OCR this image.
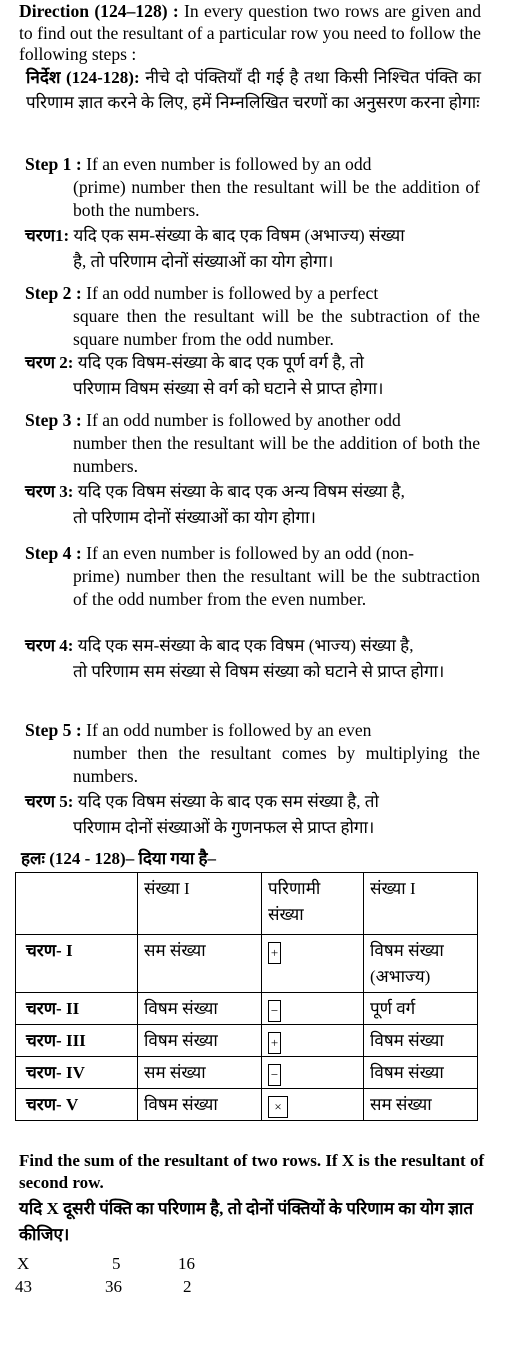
Direction (124–128) : In every question two rows are given and to find out the resultant of a particular row you need to follow the following steps :
निर्देश (124-128): नीचे दो पंक्तियाँ दी गई है तथा किसी निश्चित पंक्ति का परिणाम ज्ञात करने के लिए, हमें निम्नलिखित चरणों का अनुसरण करना होगाः
Step 1 : If an even number is followed by an odd
(prime) number then the resultant will be the addition of both the numbers.
चरण1: यदि एक सम-संख्या के बाद एक विषम (अभाज्य) संख्या
है, तो परिणाम दोनों संख्याओं का योग होगा।
Step 2 : If an odd number is followed by a perfect
square then the resultant will be the subtraction of the square number from the odd number.
चरण 2: यदि एक विषम-संख्या के बाद एक पूर्ण वर्ग है, तो
परिणाम विषम संख्या से वर्ग को घटाने से प्राप्त होगा।
Step 3 : If an odd number is followed by another odd
number then the resultant will be the addition of both the numbers.
चरण 3: यदि एक विषम संख्या के बाद एक अन्य विषम संख्या है,
तो परिणाम दोनों संख्याओं का योग होगा।
Step 4 : If an even number is followed by an odd (non-
prime) number then the resultant will be the subtraction of the odd number from the even number.
चरण 4: यदि एक सम-संख्या के बाद एक विषम (भाज्य) संख्या है,
तो परिणाम सम संख्या से विषम संख्या को घटाने से प्राप्त होगा।
Step 5 : If an odd number is followed by an even
number then the resultant comes by multiplying the numbers.
चरण 5: यदि एक विषम संख्या के बाद एक सम संख्या है, तो
परिणाम दोनों संख्याओं के गुणनफल से प्राप्त होगा।
हलः (124 - 128)– दिया गया है–
	संख्या I	परिणामी संख्या	संख्या I
चरण- I	सम संख्या	+	विषम संख्या (अभाज्य)
चरण- II	विषम संख्या	−	पूर्ण वर्ग
चरण- III	विषम संख्या	+	विषम संख्या
चरण- IV	सम संख्या	−	विषम संख्या
चरण- V	विषम संख्या	×	सम संख्या
Find the sum of the resultant of two rows. If X is the resultant of second row.
यदि X दूसरी पंक्ति का परिणाम है, तो दोनों पंक्तियों के परिणाम का योग ज्ञात कीजिए।
X	5	16
43	36	2
